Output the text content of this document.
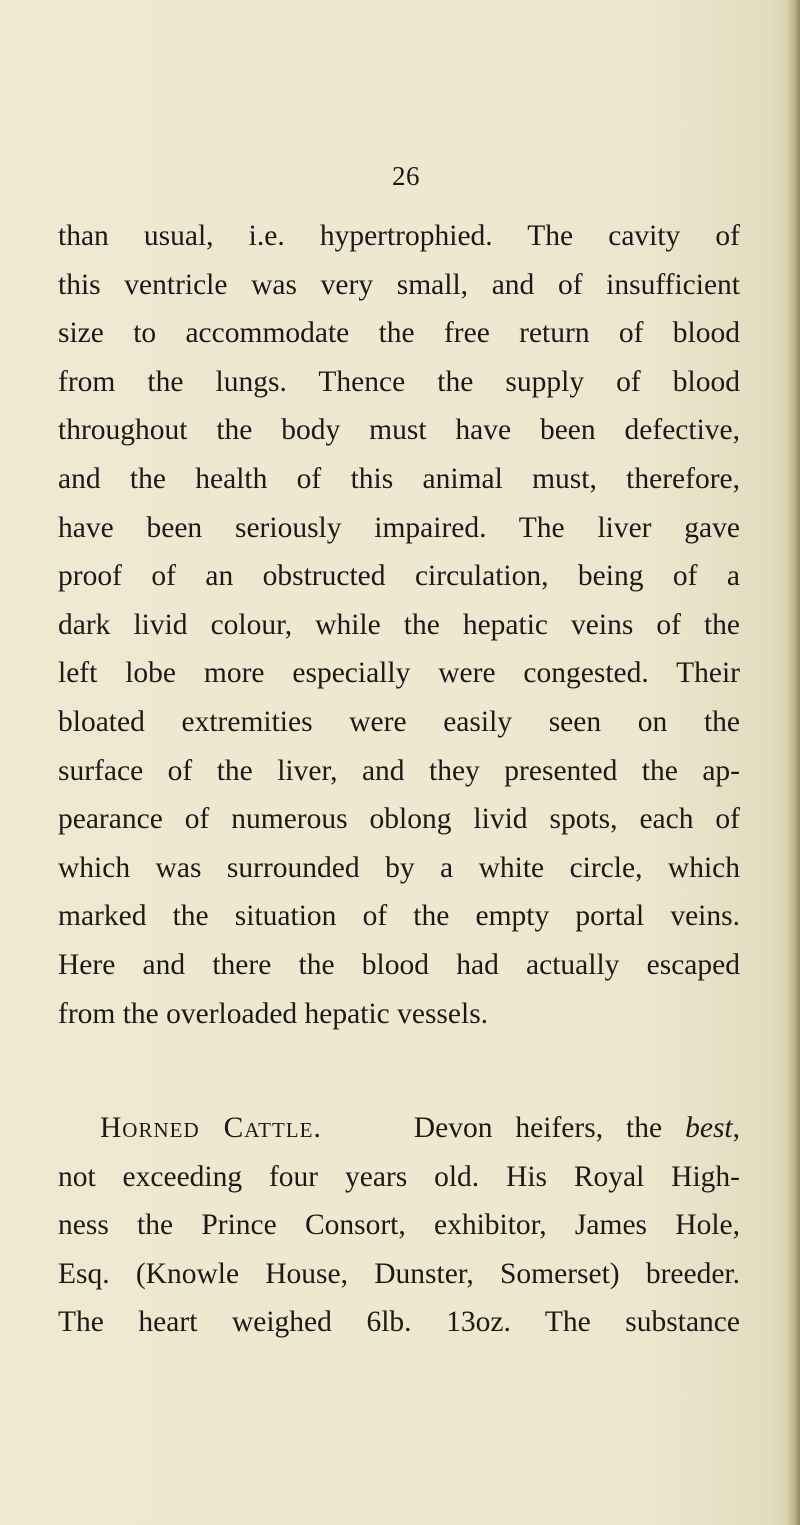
26
than usual, i.e. hypertrophied. The cavity of
this ventricle was very small, and of insufficient
size to accommodate the free return of blood
from the lungs. Thence the supply of blood
throughout the body must have been defective,
and the health of this animal must, therefore,
have been seriously impaired. The liver gave
proof of an obstructed circulation, being of a
dark livid colour, while the hepatic veins of the
left lobe more especially were congested. Their
bloated extremities were easily seen on the
surface of the liver, and they presented the ap-
pearance of numerous oblong livid spots, each of
which was surrounded by a white circle, which
marked the situation of the empty portal veins.
Here and there the blood had actually escaped
from the overloaded hepatic vessels.
Horned Cattle.	Devon heifers, the best,
not exceeding four years old. His Royal High-
ness the Prince Consort, exhibitor, James Hole,
Esq. (Knowle House, Dunster, Somerset) breeder.
The heart weighed 6lb. 13oz. The substance
